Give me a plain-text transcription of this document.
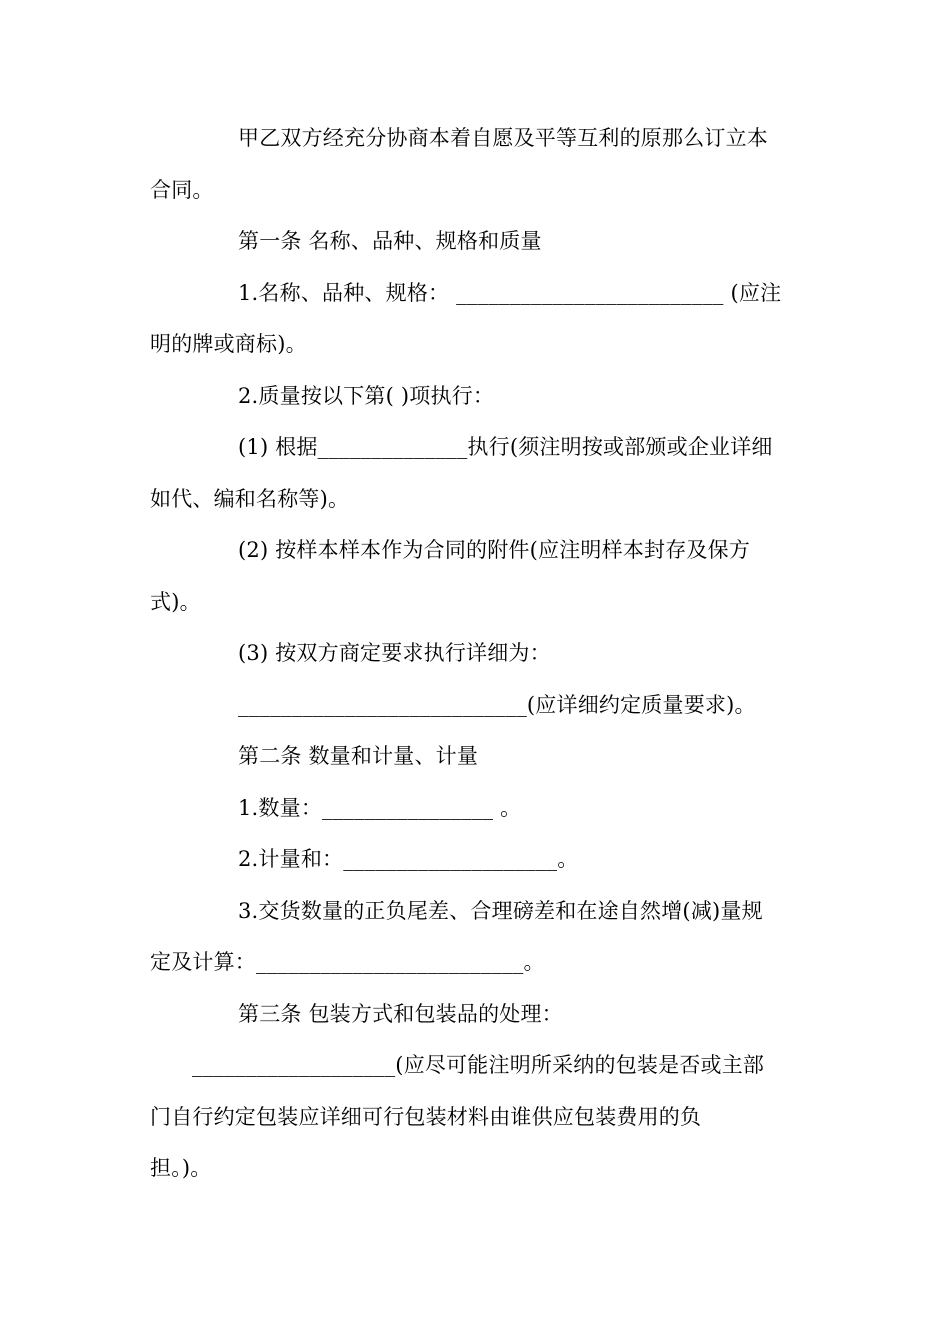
甲乙双方经充分协商本着自愿及平等互利的原那么订立本
合同。
第一条 名称、品种、规格和质量
1.名称、品种、规格： _________________________ (应注
明的牌或商标)。
2.质量按以下第( )项执行：
(1) 根据______________执行(须注明按或部颁或企业详细
如代、编和名称等)。
(2) 按样本样本作为合同的附件(应注明样本封存及保方
式)。
(3) 按双方商定要求执行详细为：
___________________________(应详细约定质量要求)。
第二条 数量和计量、计量
1.数量：________________ 。
2.计量和：____________________。
3.交货数量的正负尾差、合理磅差和在途自然增(减)量规
定及计算：_________________________。
第三条 包装方式和包装品的处理：
___________________(应尽可能注明所采纳的包装是否或主部
门自行约定包装应详细可行包装材料由谁供应包装费用的负
担。)。
